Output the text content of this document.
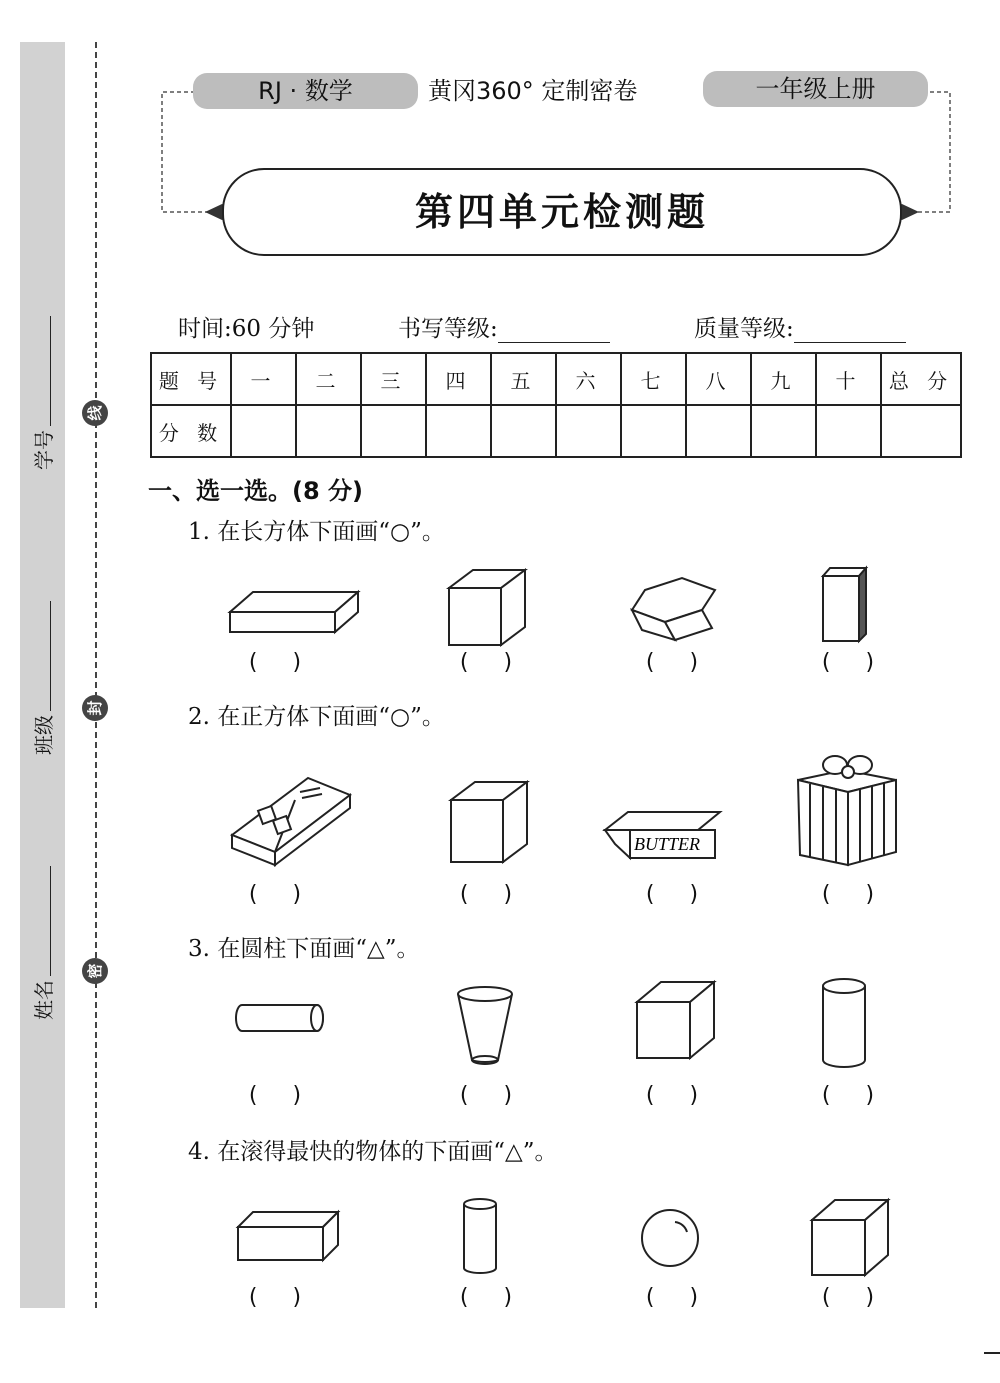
线
封
密
学号
班级
姓名
RJ · 数学	黄冈360° 定制密卷	一年级上册
第四单元检测题
时间:60 分钟	书写等级:	质量等级:
题 号	一	二	三	四	五	六	七	八	九	十	总 分
分 数											
一、选一选。(8 分)
1. 在长方体下面画“○”。
( )	( )	( )	( )
2. 在正方体下面画“○”。
BUTTER
( )	( )	( )	( )
3. 在圆柱下面画“△”。
( )	( )	( )	( )
4. 在滚得最快的物体的下面画“△”。
( )	( )	( )	( )
